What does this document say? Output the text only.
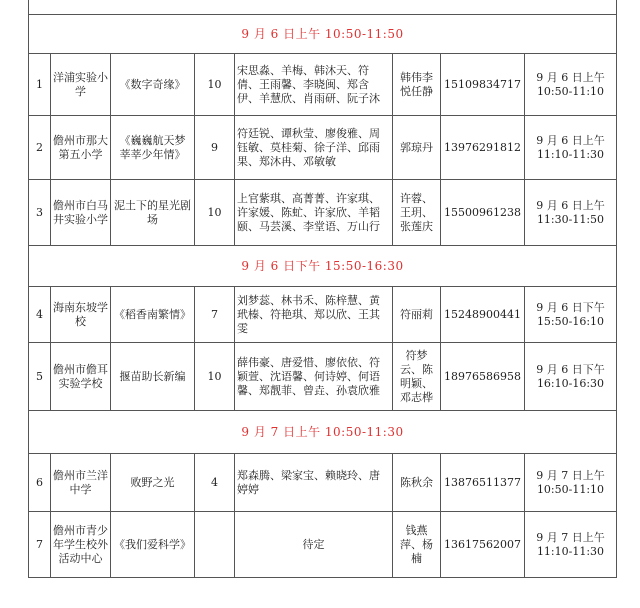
9 月 6 日上午 10:50-11:50							
1	洋浦实验小学	《数字奇缘》	10	宋思淼、羊梅、韩沐天、符倩、王雨馨、李晓闽、郑含伊、羊慧欣、肖雨研、阮子沐	韩伟李悦任静	15109834717	9 月 6 日上午 10:50-11:10
2	儋州市那大第五小学	《巍巍航天梦 莘莘少年情》	9	符廷锐、谭秋莹、廖俊雅、周钰敏、莫桂菊、徐子洋、邱雨果、郑沐冉、邓敏敏	郭琼丹	13976291812	9 月 6 日上午 11:10-11:30
3	儋州市白马井实验小学	泥土下的星光剧场	10	上官紫琪、高菁菁、许家琪、许家媛、陈虻、许家欣、羊韬颐、马芸溪、李堂语、万山行	许蓉、王玥、张莲庆	15500961238	9 月 6 日上午 11:30-11:50
9 月 6 日下午 15:50-16:30							
4	海南东坡学校	《稻香南繁情》	7	刘梦蕊、林书禾、陈梓慧、黄玳榛、符艳琪、郑以欣、王其雯	符丽莉	15248900441	9 月 6 日下午 15:50-16:10
5	儋州市儋耳实验学校	揠苗助长新编	10	薛伟豪、唐爱惜、廖依依、符颖萱、沈语馨、何诗婷、何语馨、郑靓菲、曾垚、孙袁欣雅	符梦云、陈明颖、邓志桦	18976586958	9 月 6 日下午 16:10-16:30
9 月 7 日上午 10:50-11:30							
6	儋州市兰洋中学	败野之光	4	郑森腾、梁家宝、赖晓玲、唐婷婷	陈秋余	13876511377	9 月 7 日上午 10:50-11:10
7	儋州市青少年学生校外活动中心	《我们爱科学》		待定	钱燕萍、杨楠	13617562007	9 月 7 日上午 11:10-11:30
